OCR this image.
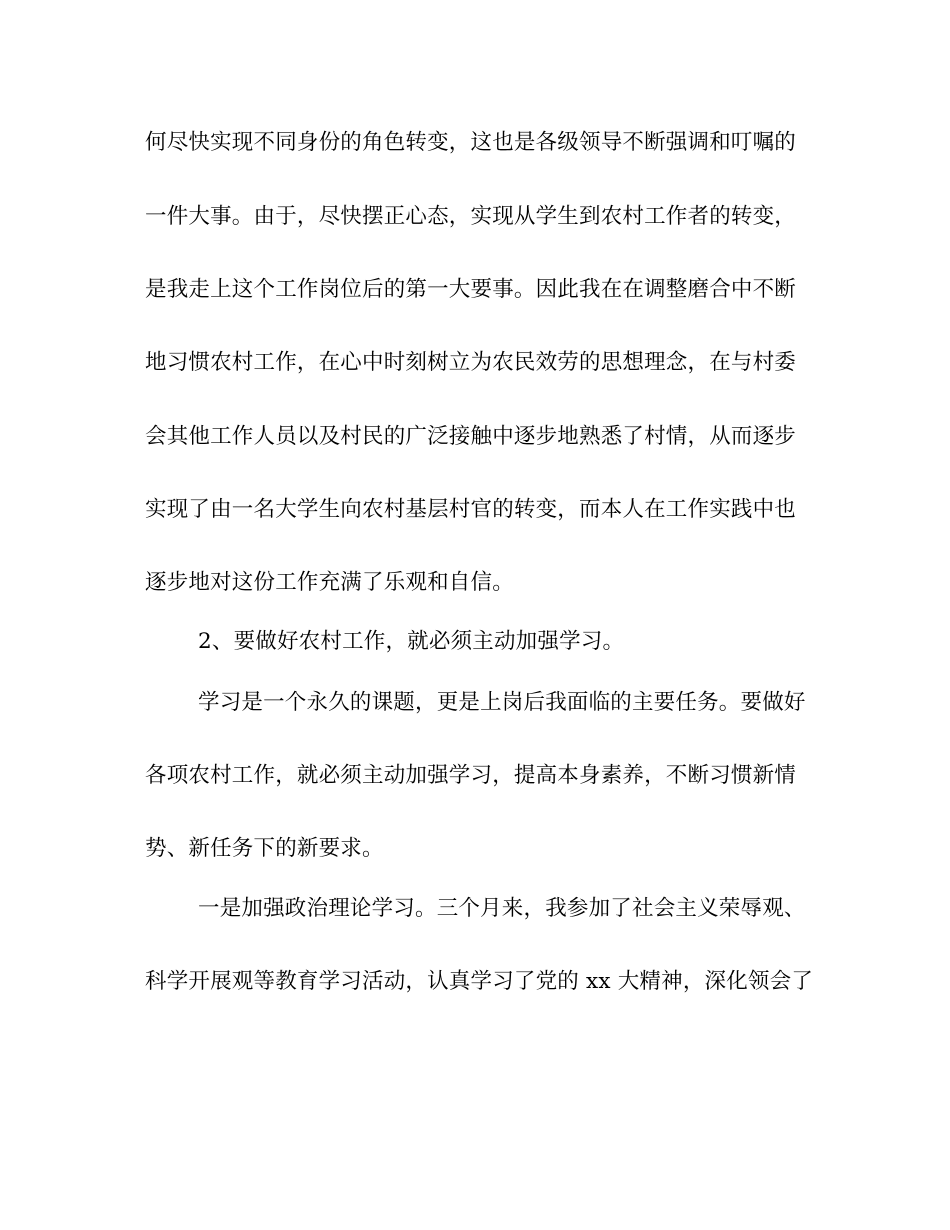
何尽快实现不同身份的角色转变，这也是各级领导不断强调和叮嘱的
一件大事。由于，尽快摆正心态，实现从学生到农村工作者的转变，
是我走上这个工作岗位后的第一大要事。因此我在在调整磨合中不断
地习惯农村工作，在心中时刻树立为农民效劳的思想理念，在与村委
会其他工作人员以及村民的广泛接触中逐步地熟悉了村情，从而逐步
实现了由一名大学生向农村基层村官的转变，而本人在工作实践中也
逐步地对这份工作充满了乐观和自信。
2、要做好农村工作，就必须主动加强学习。
学习是一个永久的课题，更是上岗后我面临的主要任务。要做好
各项农村工作，就必须主动加强学习，提高本身素养，不断习惯新情
势、新任务下的新要求。
一是加强政治理论学习。三个月来，我参加了社会主义荣辱观、
科学开展观等教育学习活动，认真学习了党的 xx 大精神，深化领会了
